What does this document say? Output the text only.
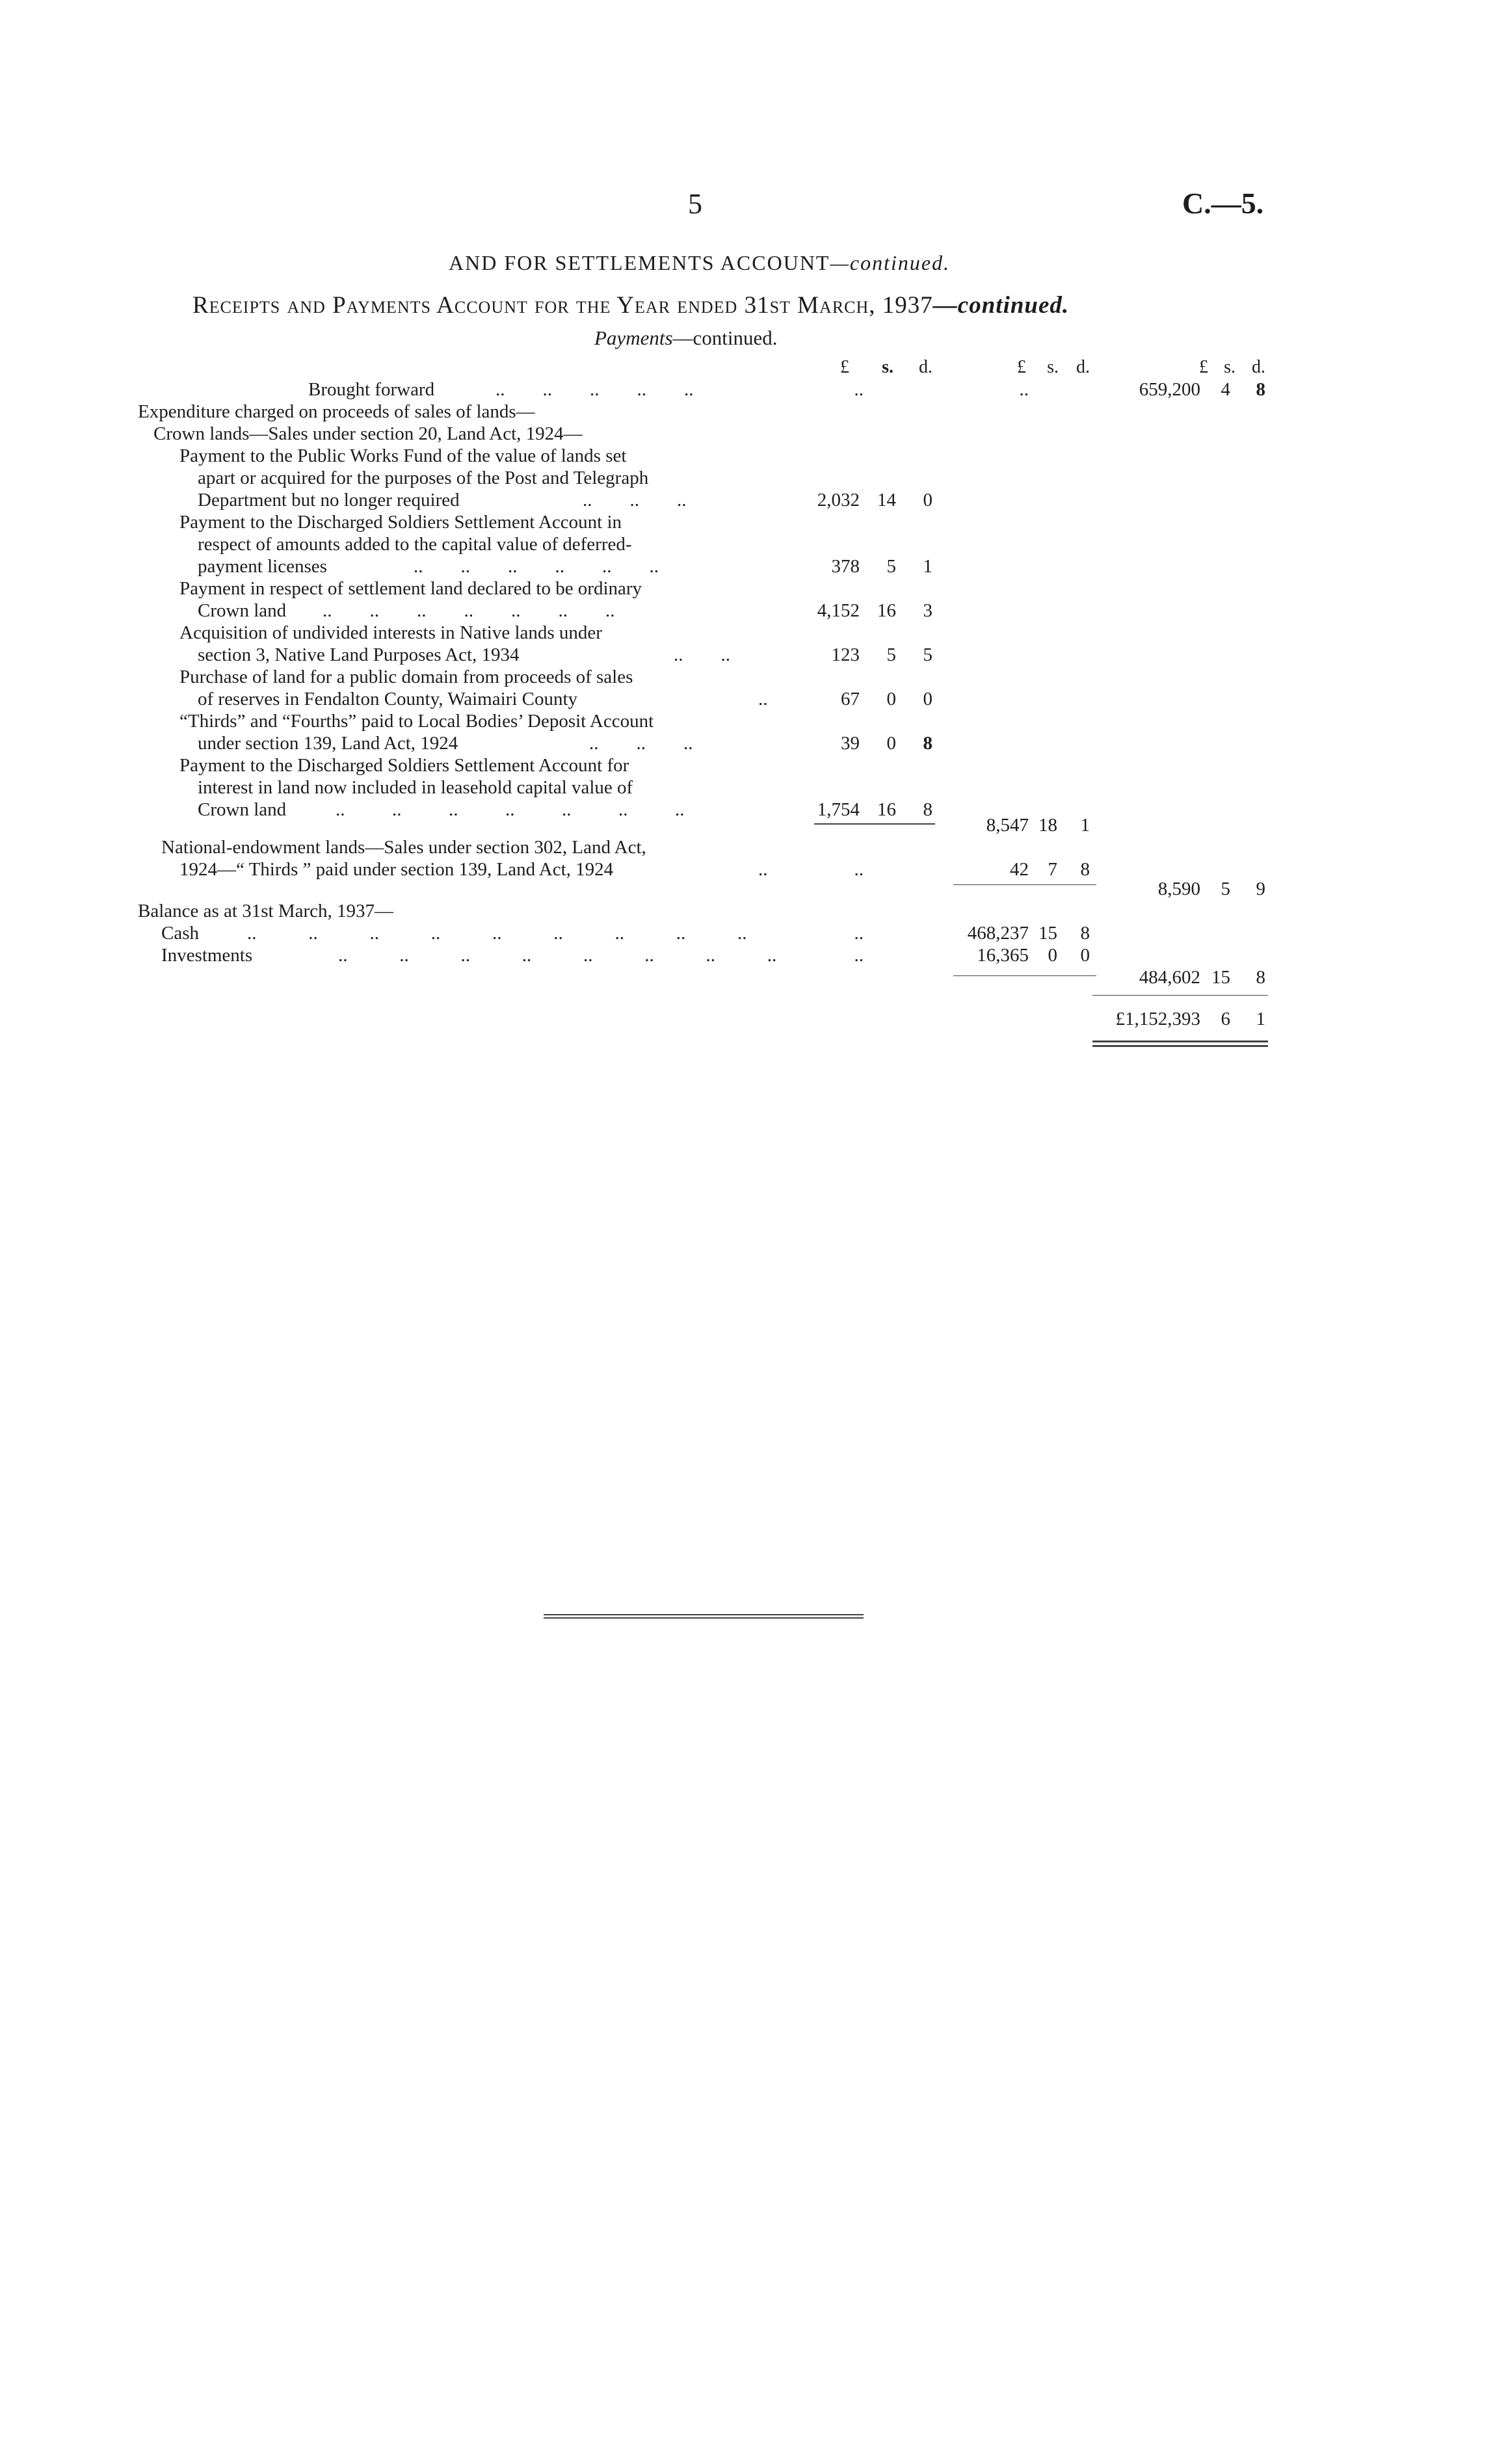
5	C.—5.
AND FOR SETTLEMENTS ACCOUNT—continued.
Receipts and Payments Account for the Year ended 31st March, 1937—continued.
Payments—continued.
£ s. d.	£ s. d.	£ s. d.
Brought forward	..        ..        ..        ..        ..	..	..	659,200 4 8
Expenditure charged on proceeds of sales of lands—
Crown lands—Sales under section 20, Land Act, 1924—
Payment to the Public Works Fund of the value of lands set
apart or acquired for the purposes of the Post and Telegraph
Department but no longer required	..        ..        ..	2,032 14 0
Payment to the Discharged Soldiers Settlement Account in
respect of amounts added to the capital value of deferred-
payment licenses	..        ..        ..        ..        ..        ..	378 5 1
Payment in respect of settlement land declared to be ordinary
Crown land ..        ..        ..        ..        ..        ..        ..	4,152 16 3
Acquisition of undivided interests in Native lands under
section 3, Native Land Purposes Act, 1934	..        ..	123 5 5
Purchase of land for a public domain from proceeds of sales
of reserves in Fendalton County, Waimairi County	..	67 0 0
“Thirds” and “Fourths” paid to Local Bodies’ Deposit Account
under section 139, Land Act, 1924	..        ..        ..	39 0 8
Payment to the Discharged Soldiers Settlement Account for
interest in land now included in leasehold capital value of
Crown land	..          ..          ..          ..          ..          ..          ..	1,754 16 8
8,547 18 1
National-endowment lands—Sales under section 302, Land Act,
1924—“ Thirds ” paid under section 139, Land Act, 1924	..	..	42 7 8
8,590 5 9
Balance as at 31st March, 1937—
Cash	..           ..           ..           ..           ..           ..           ..           ..           ..	..	468,237 15 8
Investments	..           ..           ..           ..           ..           ..           ..           ..	..	16,365 0 0
484,602 15 8
£1,152,393 6 1
